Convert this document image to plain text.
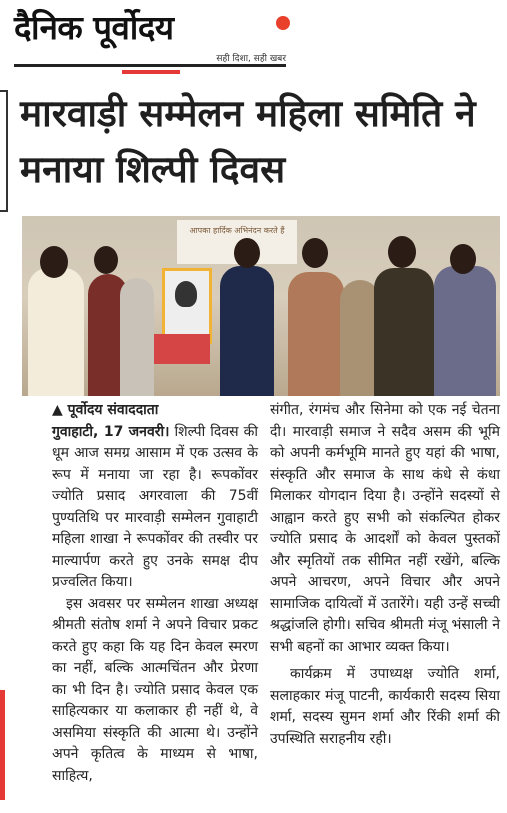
दैनिक पूर्वोदय
सही दिशा, सही खबर
मारवाड़ी सम्मेलन महिला समिति ने मनाया शिल्पी दिवस
आपका हार्दिक अभिनंदन करते हैं
▲ पूर्वोदय संवाददाता

गुवाहाटी, 17 जनवरी। शिल्पी दिवस की धूम आज समग्र आसाम में एक उत्सव के रूप में मनाया जा रहा है। रूपकोंवर ज्योति प्रसाद अगरवाला की 75वीं पुण्यतिथि पर मारवाड़ी सम्मेलन गुवाहाटी महिला शाखा ने रूपकोंवर की तस्वीर पर माल्यार्पण करते हुए उनके समक्ष दीप प्रज्वलित किया।

इस अवसर पर सम्मेलन शाखा अध्यक्ष श्रीमती संतोष शर्मा ने अपने विचार प्रकट करते हुए कहा कि यह दिन केवल स्मरण का नहीं, बल्कि आत्मचिंतन और प्रेरणा का भी दिन है। ज्योति प्रसाद केवल एक साहित्यकार या कलाकार ही नहीं थे, वे असमिया संस्कृति की आत्मा थे। उन्होंने अपने कृतित्व के माध्यम से भाषा, साहित्य,

संगीत, रंगमंच और सिनेमा को एक नई चेतना दी। मारवाड़ी समाज ने सदैव असम की भूमि को अपनी कर्मभूमि मानते हुए यहां की भाषा, संस्कृति और समाज के साथ कंधे से कंधा मिलाकर योगदान दिया है। उन्होंने सदस्यों से आह्वान करते हुए सभी को संकल्पित होकर ज्योति प्रसाद के आदर्शों को केवल पुस्तकों और स्मृतियों तक सीमित नहीं रखेंगे, बल्कि अपने आचरण, अपने विचार और अपने सामाजिक दायित्वों में उतारेंगे। यही उन्हें सच्ची श्रद्धांजलि होगी। सचिव श्रीमती मंजू भंसाली ने सभी बहनों का आभार व्यक्त किया।

कार्यक्रम में उपाध्यक्ष ज्योति शर्मा, सलाहकार मंजू पाटनी, कार्यकारी सदस्य सिया शर्मा, सदस्य सुमन शर्मा और रिंकी शर्मा की उपस्थिति सराहनीय रही।
